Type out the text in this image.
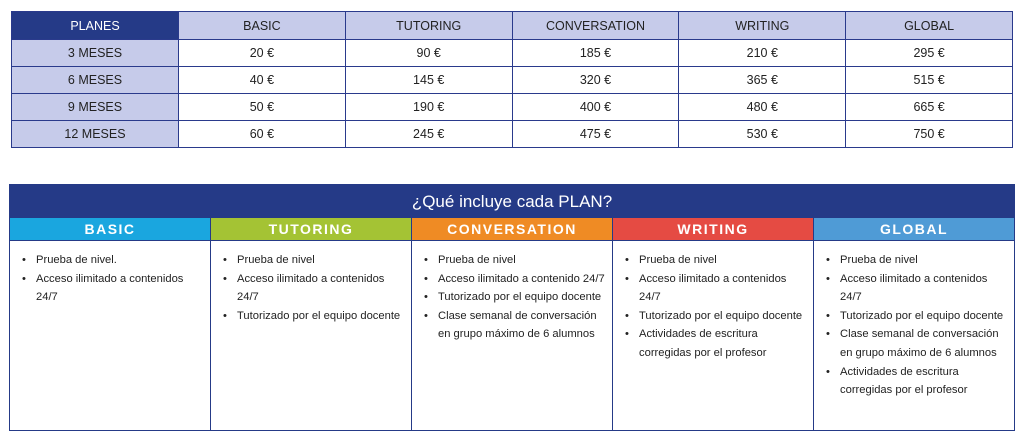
PLANES	BASIC	TUTORING	CONVERSATION	WRITING	GLOBAL
3 MESES	20 €	90 €	185 €	210 €	295 €
6 MESES	40 €	145 €	320 €	365 €	515 €
9 MESES	50 €	190 €	400 €	480 €	665 €
12 MESES	60 €	245 €	475 €	530 €	750 €
¿Qué incluye cada PLAN?
BASIC
• Prueba de nivel.
• Acceso ilimitado a contenidos 24/7
TUTORING
• Prueba de nivel
• Acceso ilimitado a contenidos 24/7
• Tutorizado por el equipo docente
CONVERSATION
• Prueba de nivel
• Acceso ilimitado a contenido 24/7
• Tutorizado por el equipo docente
• Clase semanal de conversación en grupo máximo de 6 alumnos
WRITING
• Prueba de nivel
• Acceso ilimitado a contenidos 24/7
• Tutorizado por el equipo docente
• Actividades de escritura corregidas por el profesor
GLOBAL
• Prueba de nivel
• Acceso ilimitado a contenidos 24/7
• Tutorizado por el equipo docente
• Clase semanal de conversación en grupo máximo de 6 alumnos
• Actividades de escritura corregidas por el profesor
